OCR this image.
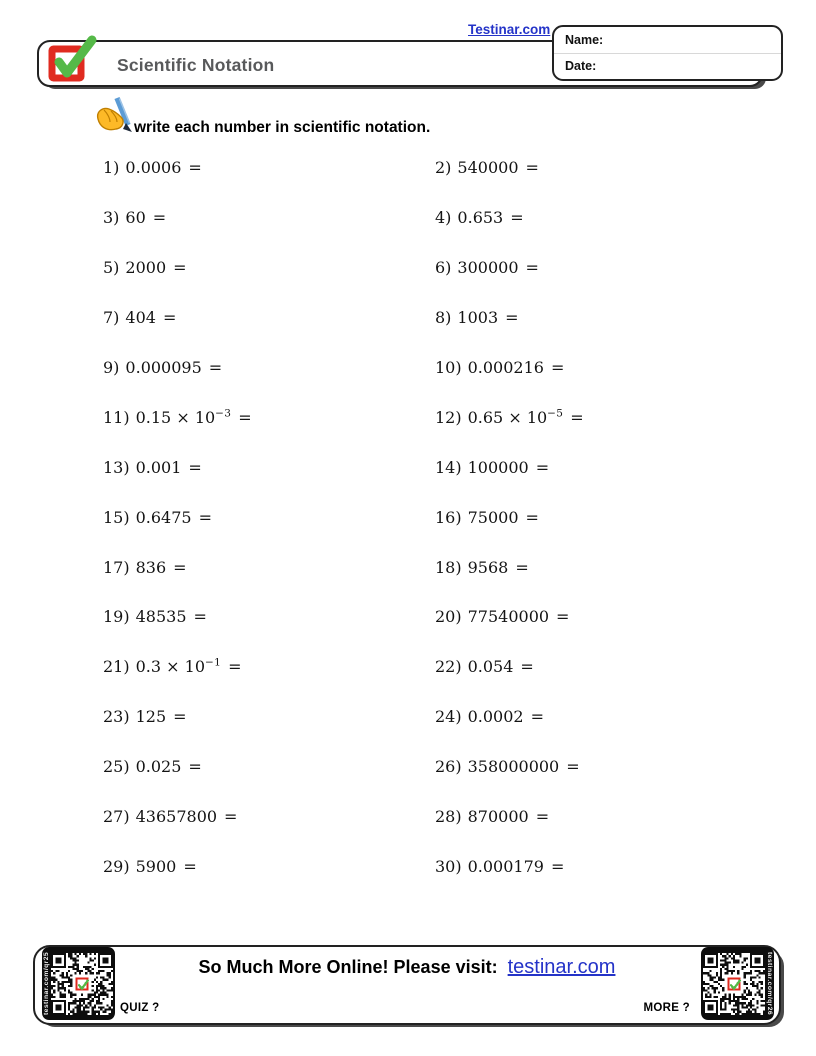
Testinar.com
Scientific Notation
Name:
Date:
write each number in scientific notation.
1) 0.0006 =	2) 540000 =
3) 60 =	4) 0.653 =
5) 2000 =	6) 300000 =
7) 404 =	8) 1003 =
9) 0.000095 =	10) 0.000216 =
11) $0.15 \times 10^{-3}$ =	12) $0.65 \times 10^{-5}$ =
13) 0.001 =	14) 100000 =
15) 0.6475 =	16) 75000 =
17) 836 =	18) 9568 =
19) 48535 =	20) 77540000 =
21) $0.3 \times 10^{-1}$ =	22) 0.054 =
23) 125 =	24) 0.0002 =
25) 0.025 =	26) 358000000 =
27) 43657800 =	28) 870000 =
29) 5900 =	30) 0.000179 =
testinar.com/qr25	So Much More Online! Please visit: testinar.com
QUIZ ?	MORE ?	testinar.com/qr26
